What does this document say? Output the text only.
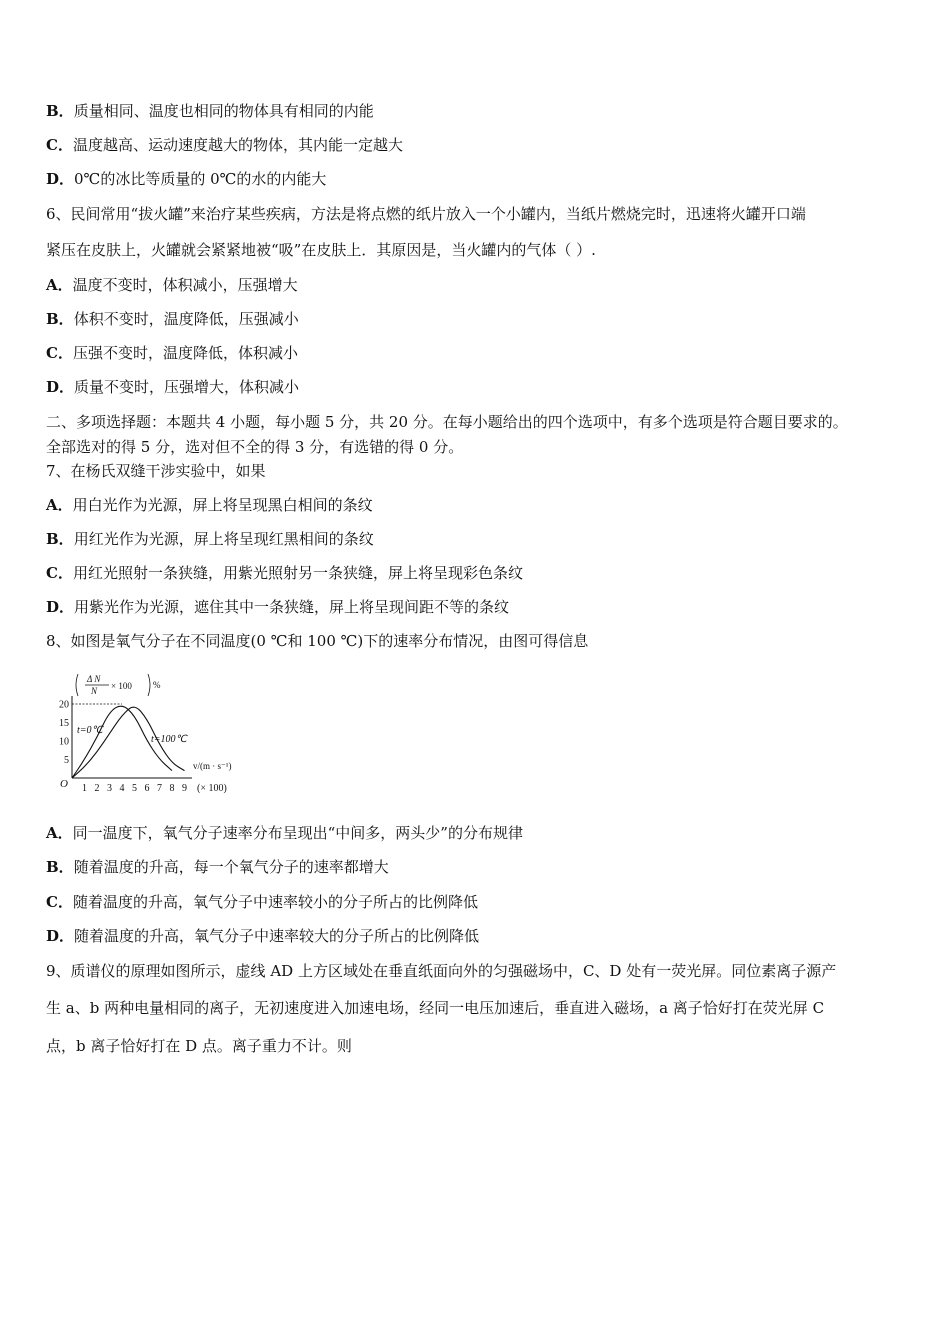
B．质量相同、温度也相同的物体具有相同的内能
C．温度越高、运动速度越大的物体，其内能一定越大
D．0℃的冰比等质量的 0℃的水的内能大
6、民间常用“拔火罐”来治疗某些疾病，方法是将点燃的纸片放入一个小罐内，当纸片燃烧完时，迅速将火罐开口端
紧压在皮肤上，火罐就会紧紧地被“吸”在皮肤上．其原因是，当火罐内的气体（ ）.
A．温度不变时，体积减小，压强增大
B．体积不变时，温度降低，压强减小
C．压强不变时，温度降低，体积减小
D．质量不变时，压强增大，体积减小
二、多项选择题：本题共 4 小题，每小题 5 分，共 20 分。在每小题给出的四个选项中，有多个选项是符合题目要求的。
全部选对的得 5 分，选对但不全的得 3 分，有选错的得 0 分。
7、在杨氏双缝干涉实验中，如果
A．用白光作为光源，屏上将呈现黑白相间的条纹
B．用红光作为光源，屏上将呈现红黑相间的条纹
C．用红光照射一条狭缝，用紫光照射另一条狭缝，屏上将呈现彩色条纹
D．用紫光作为光源，遮住其中一条狭缝，屏上将呈现间距不等的条纹
8、如图是氧气分子在不同温度(0 ℃和 100 ℃)下的速率分布情况，由图可得信息
Δ N
N × 100 %
5
10
15
20
1 2 3 4 5 6 7 8 9
O	(× 100)
v/(m · s⁻¹)
t=0℃
t=100℃
A．同一温度下，氧气分子速率分布呈现出“中间多，两头少”的分布规律
B．随着温度的升高，每一个氧气分子的速率都增大
C．随着温度的升高，氧气分子中速率较小的分子所占的比例降低
D．随着温度的升高，氧气分子中速率较大的分子所占的比例降低
9、质谱仪的原理如图所示，虚线 AD 上方区域处在垂直纸面向外的匀强磁场中，C、D 处有一荧光屏。同位素离子源产
生 a、b 两种电量相同的离子，无初速度进入加速电场，经同一电压加速后，垂直进入磁场，a 离子恰好打在荧光屏 C
点，b 离子恰好打在 D 点。离子重力不计。则
